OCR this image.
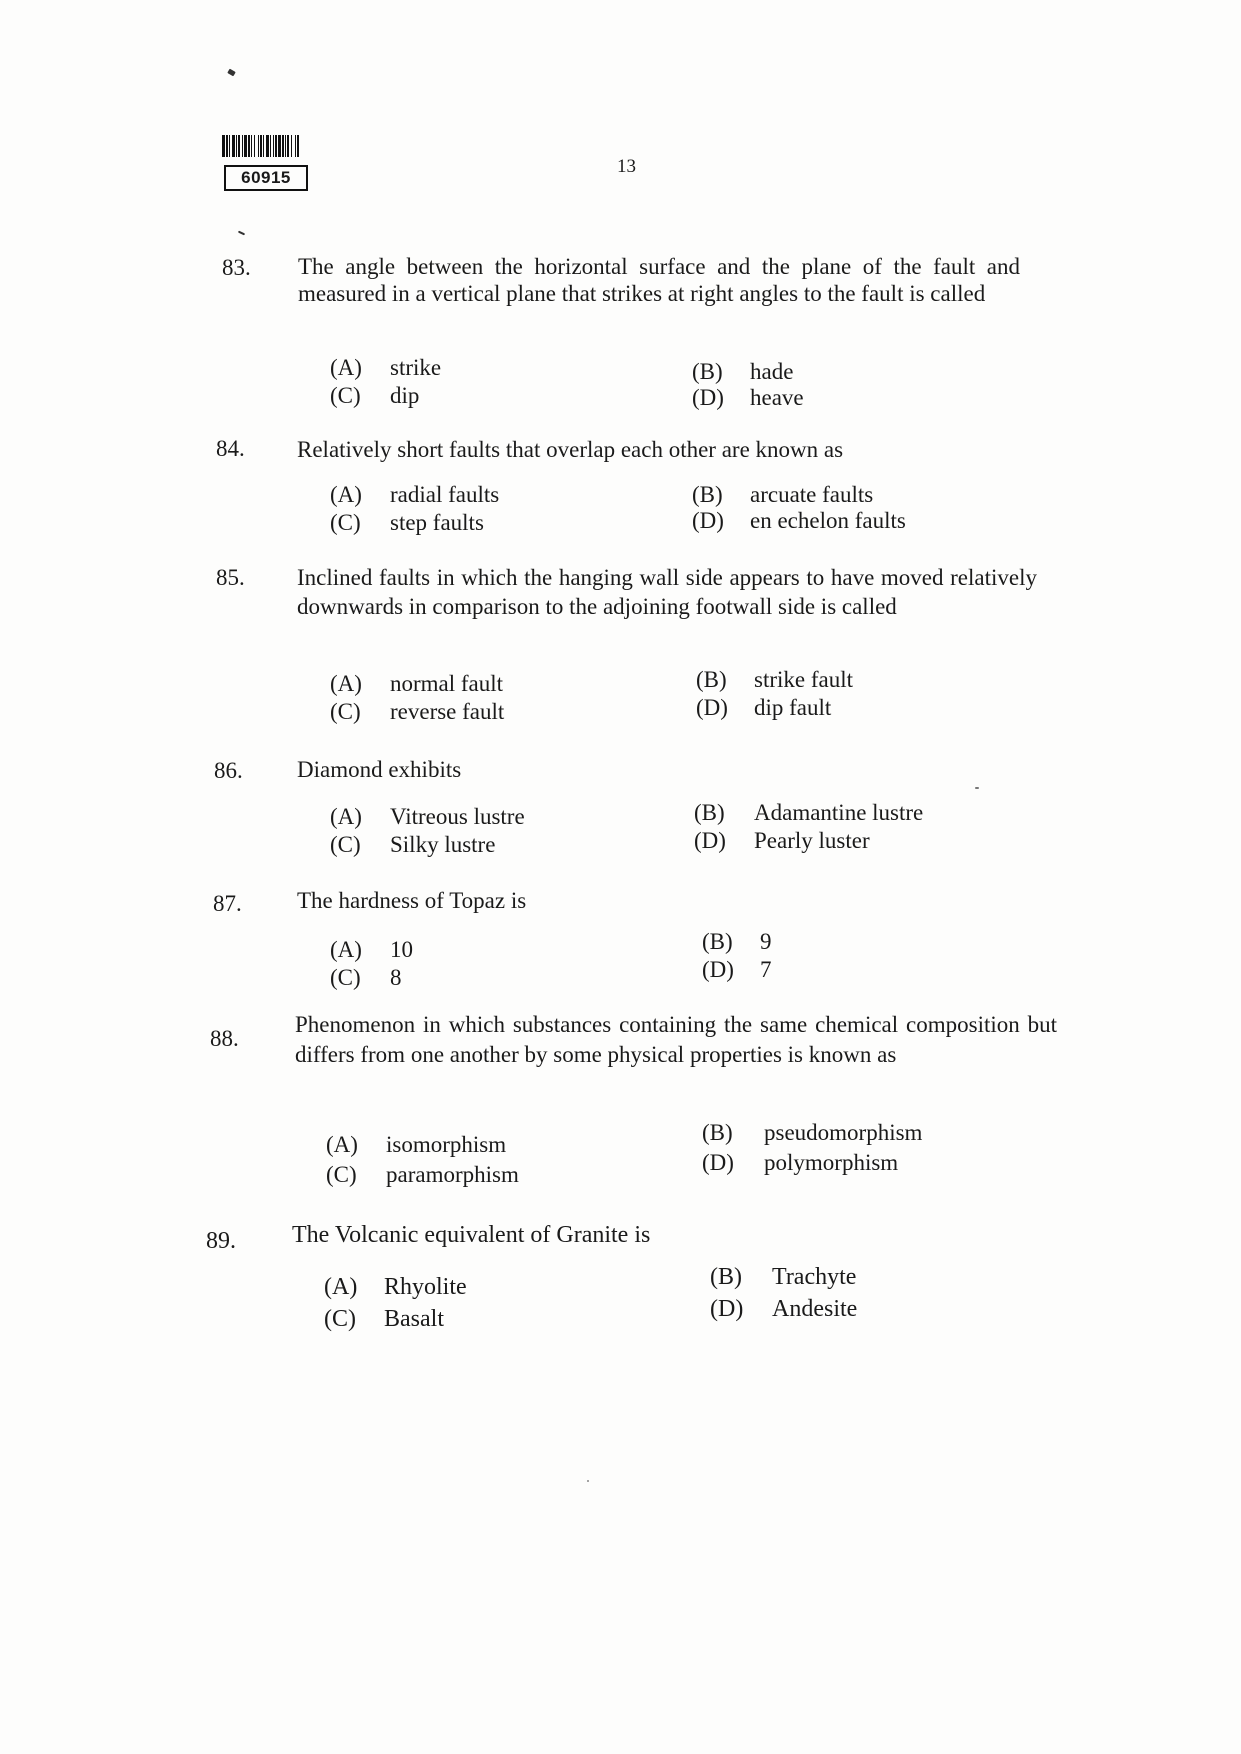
60915
13
83. The angle between the horizontal surface and the plane of the fault and measured in a vertical plane that strikes at right angles to the fault is called
(A) strike	(B) hade
(C) dip	(D) heave
84. Relatively short faults that overlap each other are known as
(A) radial faults	(B) arcuate faults
(C) step faults	(D) en echelon faults
85. Inclined faults in which the hanging wall side appears to have moved relatively downwards in comparison to the adjoining footwall side is called
(A) normal fault	(B) strike fault
(C) reverse fault	(D) dip fault
86. Diamond exhibits
(A) Vitreous lustre	(B) Adamantine lustre
(C) Silky lustre	(D) Pearly luster
87. The hardness of Topaz is
(A) 10	(B) 9
(C) 8	(D) 7
88.
Phenomenon in which substances containing the same chemical composition but differs from one another by some physical properties is known as
(A) isomorphism	(B) pseudomorphism
(C) paramorphism	(D) polymorphism
89. The Volcanic equivalent of Granite is
(A) Rhyolite	(B) Trachyte
(C) Basalt	(D) Andesite
